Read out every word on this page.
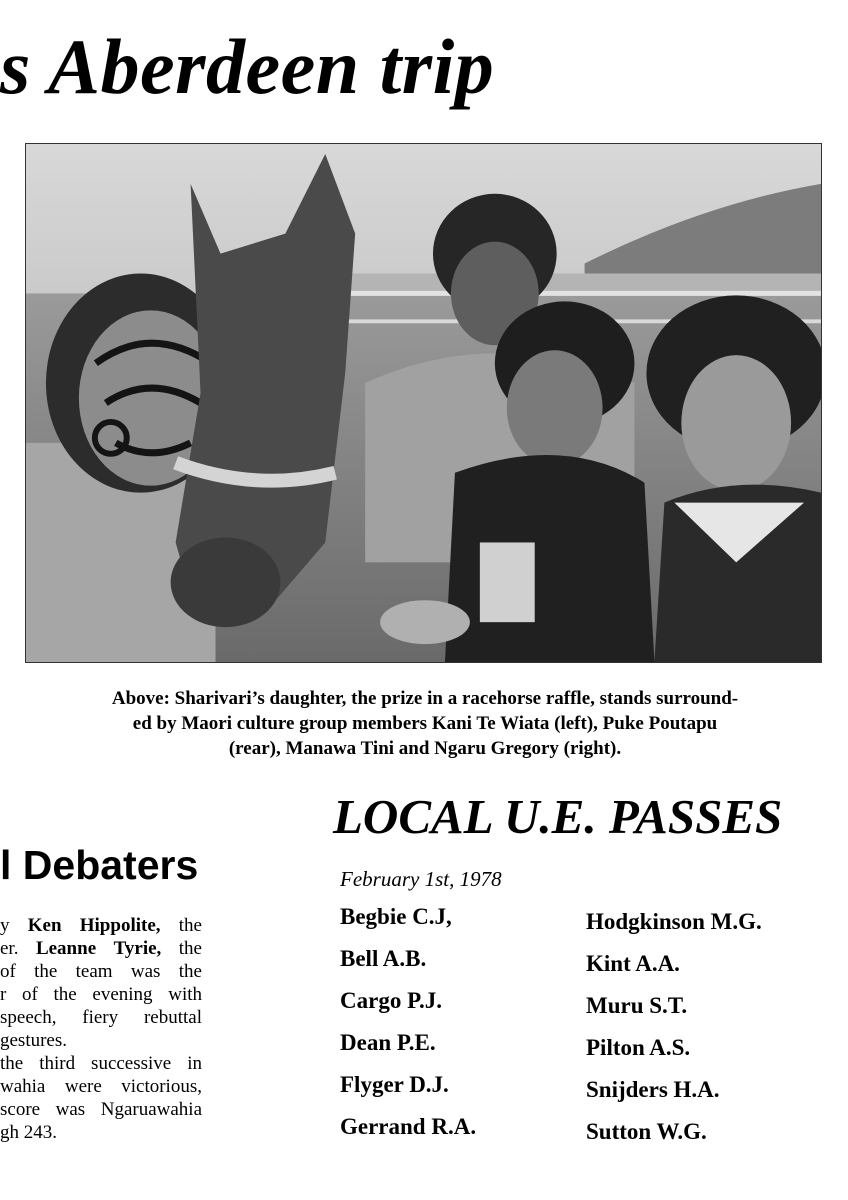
s Aberdeen trip

Above: Sharivari’s daughter, the prize in a racehorse raffle, stands surround-
ed by Maori culture group members Kani Te Wiata (left), Puke Poutapu
(rear), Manawa Tini and Ngaru Gregory (right).

LOCAL U.E. PASSES
February 1st, 1978
Begbie C.J,
Bell A.B.
Cargo P.J.
Dean P.E.
Flyger D.J.
Gerrand R.A.
Hodgkinson M.G.
Kint A.A.
Muru S.T.
Pilton A.S.
Snijders H.A.
Sutton W.G.
l Debaters
y Ken Hippolite, the
er. Leanne Tyrie, the
of the team was the
r of the evening with
speech, fiery rebuttal
gestures.
the third successive in
wahia were victorious,
score was Ngaruawahia
gh 243.
